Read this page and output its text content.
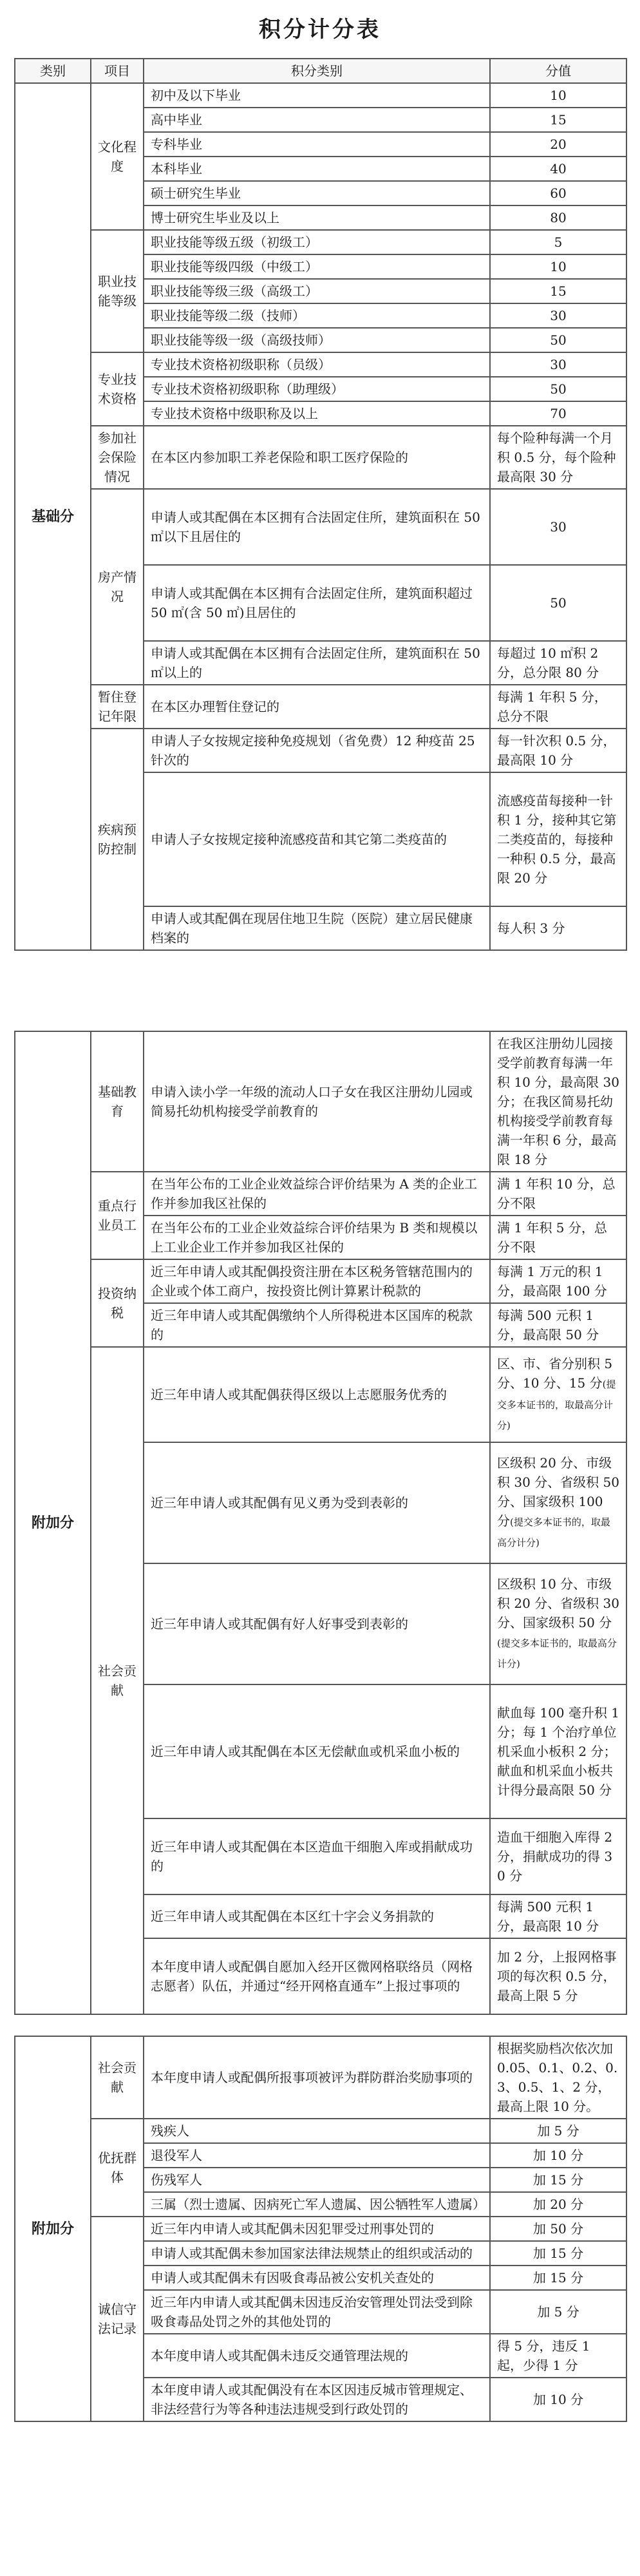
积分计分表
类别	项目	积分类别	分值
基础分	文化程度	初中及以下毕业	10
		高中毕业	15
		专科毕业	20
		本科毕业	40
		硕士研究生毕业	60
		博士研究生毕业及以上	80
	职业技能等级	职业技能等级五级（初级工）	5
		职业技能等级四级（中级工）	10
		职业技能等级三级（高级工）	15
		职业技能等级二级（技师）	30
		职业技能等级一级（高级技师）	50
	专业技术资格	专业技术资格初级职称（员级）	30
		专业技术资格初级职称（助理级）	50
		专业技术资格中级职称及以上	70
	参加社会保险情况	在本区内参加职工养老保险和职工医疗保险的	每个险种每满一个月积 0.5 分，每个险种最高限 30 分
	房产情况	申请人或其配偶在本区拥有合法固定住所，建筑面积在 50 ㎡以下且居住的	30
		申请人或其配偶在本区拥有合法固定住所，建筑面积超过 50 ㎡(含 50 ㎡)且居住的	50
		申请人或其配偶在本区拥有合法固定住所，建筑面积在 50 ㎡以上的	每超过 10 ㎡积 2 分，总分限 80 分
	暂住登记年限	在本区办理暂住登记的	每满 1 年积 5 分，总分不限
	疾病预防控制	申请人子女按规定接种免疫规划（省免费）12 种疫苗 25 针次的	每一针次积 0.5 分，最高限 10 分
		申请人子女按规定接种流感疫苗和其它第二类疫苗的	流感疫苗每接种一针积 1 分，接种其它第二类疫苗的，每接种一种积 0.5 分，最高限 20 分
		申请人或其配偶在现居住地卫生院（医院）建立居民健康档案的	每人积 3 分
附加分	基础教育	申请入读小学一年级的流动人口子女在我区注册幼儿园或简易托幼机构接受学前教育的	在我区注册幼儿园接受学前教育每满一年积 10 分，最高限 30 分；在我区简易托幼机构接受学前教育每满一年积 6 分，最高限 18 分
	重点行业员工	在当年公布的工业企业效益综合评价结果为 A 类的企业工作并参加我区社保的	满 1 年积 10 分，总分不限
		在当年公布的工业企业效益综合评价结果为 B 类和规模以上工业企业工作并参加我区社保的	满 1 年积 5 分，总分不限
	投资纳税	近三年申请人或其配偶投资注册在本区税务管辖范围内的企业或个体工商户，按投资比例计算累计税款的	每满 1 万元的积 1 分，最高限 100 分
		近三年申请人或其配偶缴纳个人所得税进本区国库的税款的	每满 500 元积 1 分，最高限 50 分
	社会贡献	近三年申请人或其配偶获得区级以上志愿服务优秀的	区、市、省分别积 5 分、10 分、15 分(提交多本证书的，取最高分计分)
		近三年申请人或其配偶有见义勇为受到表彰的	区级积 20 分、市级积 30 分、省级积 50 分、国家级积 100 分(提交多本证书的，取最高分计分)
		近三年申请人或其配偶有好人好事受到表彰的	区级积 10 分、市级积 20 分、省级积 30 分、国家级积 50 分(提交多本证书的，取最高分计分)
		近三年申请人或其配偶在本区无偿献血或机采血小板的	献血每 100 毫升积 1 分；每 1 个治疗单位机采血小板积 2 分；献血和机采血小板共计得分最高限 50 分
		近三年申请人或其配偶在本区造血干细胞入库或捐献成功的	造血干细胞入库得 2 分，捐献成功的得 30 分
		近三年申请人或其配偶在本区红十字会义务捐款的	每满 500 元积 1 分，最高限 10 分
		本年度申请人或配偶自愿加入经开区微网格联络员（网格志愿者）队伍，并通过“经开网格直通车”上报过事项的	加 2 分，上报网格事项的每次积 0.5 分，最高上限 5 分
附加分	社会贡献	本年度申请人或配偶所报事项被评为群防群治奖励事项的	根据奖励档次依次加 0.05、0.1、0.2、0.3、0.5、1、2 分，最高上限 10 分。
	优抚群体	残疾人	加 5 分
		退役军人	加 10 分
		伤残军人	加 15 分
		三属（烈士遗属、因病死亡军人遗属、因公牺牲军人遗属）	加 20 分
	诚信守法记录	近三年内申请人或其配偶未因犯罪受过刑事处罚的	加 50 分
		申请人或其配偶未参加国家法律法规禁止的组织或活动的	加 15 分
		申请人或其配偶未有因吸食毒品被公安机关查处的	加 15 分
		近三年内申请人或其配偶未因违反治安管理处罚法受到除吸食毒品处罚之外的其他处罚的	加 5 分
		本年度申请人或其配偶未违反交通管理法规的	得 5 分，违反 1 起，少得 1 分
		本年度申请人或其配偶没有在本区因违反城市管理规定、非法经营行为等各种违法违规受到行政处罚的	加 10 分
